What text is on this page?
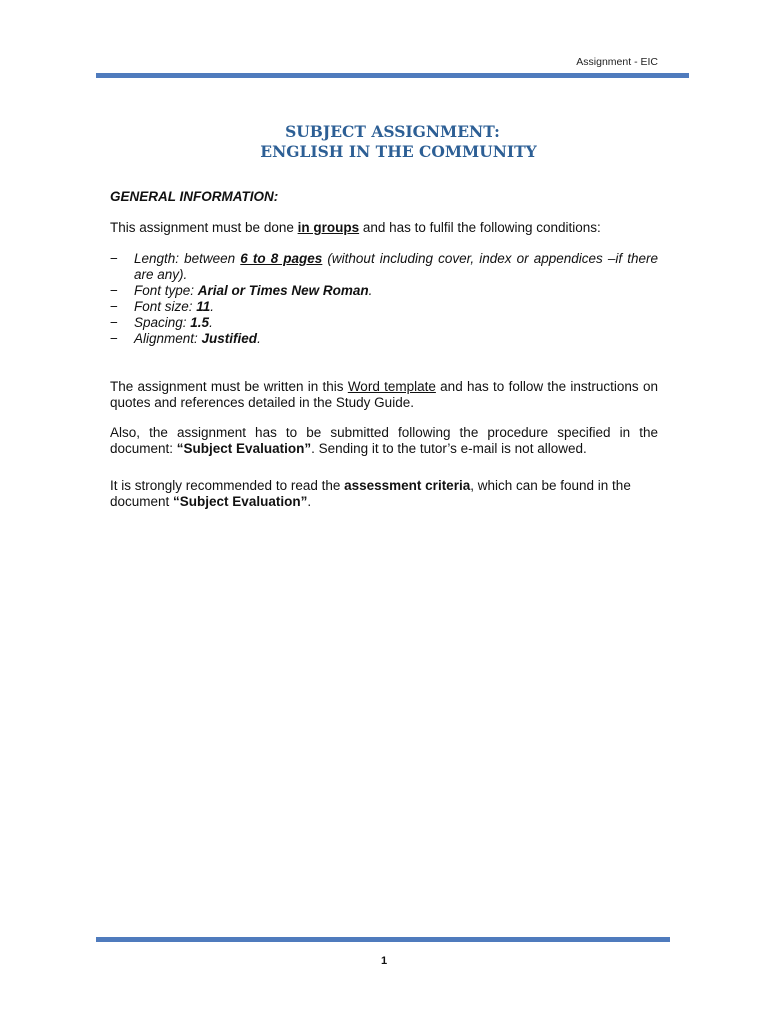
Assignment - EIC
SUBJECT ASSIGNMENT:
ENGLISH IN THE COMMUNITY
GENERAL INFORMATION:
This assignment must be done in groups and has to fulfil the following conditions:
− Length: between 6 to 8 pages (without including cover, index or appendices –if there are any).
− Font type: Arial or Times New Roman.
− Font size: 11.
− Spacing: 1.5.
− Alignment: Justified.
The assignment must be written in this Word template and has to follow the instructions on quotes and references detailed in the Study Guide.
Also, the assignment has to be submitted following the procedure specified in the document: “Subject Evaluation”. Sending it to the tutor’s e-mail is not allowed.
It is strongly recommended to read the assessment criteria, which can be found in the document “Subject Evaluation”.
1
